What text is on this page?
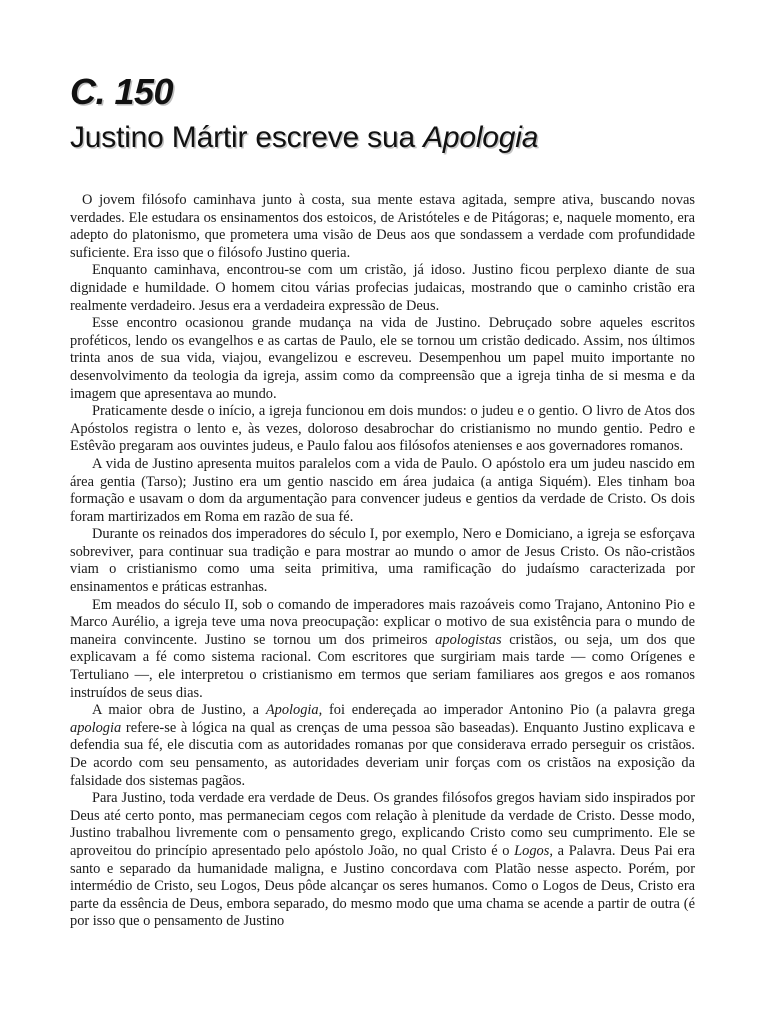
C. 150
Justino Mártir escreve sua Apologia

O jovem filósofo caminhava junto à costa, sua mente estava agitada, sempre ativa, buscando novas verdades. Ele estudara os ensinamentos dos estoicos, de Aristóteles e de Pitágoras; e, naquele momento, era adepto do platonismo, que prometera uma visão de Deus aos que sondassem a verdade com profundidade suficiente. Era isso que o filósofo Justino queria.

Enquanto caminhava, encontrou-se com um cristão, já idoso. Justino ficou perplexo diante de sua dignidade e humildade. O homem citou várias profecias judaicas, mostrando que o caminho cristão era realmente verdadeiro. Jesus era a verdadeira expressão de Deus.

Esse encontro ocasionou grande mudança na vida de Justino. Debruçado sobre aqueles escritos proféticos, lendo os evangelhos e as cartas de Paulo, ele se tornou um cristão dedicado. Assim, nos últimos trinta anos de sua vida, viajou, evangelizou e escreveu. Desempenhou um papel muito importante no desenvolvimento da teologia da igreja, assim como da compreensão que a igreja tinha de si mesma e da imagem que apresentava ao mundo.

Praticamente desde o início, a igreja funcionou em dois mundos: o judeu e o gentio. O livro de Atos dos Apóstolos registra o lento e, às vezes, doloroso desabrochar do cristianismo no mundo gentio. Pedro e Estêvão pregaram aos ouvintes judeus, e Paulo falou aos filósofos atenienses e aos governadores romanos.

A vida de Justino apresenta muitos paralelos com a vida de Paulo. O apóstolo era um judeu nascido em área gentia (Tarso); Justino era um gentio nascido em área judaica (a antiga Siquém). Eles tinham boa formação e usavam o dom da argumentação para convencer judeus e gentios da verdade de Cristo. Os dois foram martirizados em Roma em razão de sua fé.

Durante os reinados dos imperadores do século I, por exemplo, Nero e Domiciano, a igreja se esforçava sobreviver, para continuar sua tradição e para mostrar ao mundo o amor de Jesus Cristo. Os não-cristãos viam o cristianismo como uma seita primitiva, uma ramificação do judaísmo caracterizada por ensinamentos e práticas estranhas.

Em meados do século II, sob o comando de imperadores mais razoáveis como Trajano, Antonino Pio e Marco Aurélio, a igreja teve uma nova preocupação: explicar o motivo de sua existência para o mundo de maneira convincente. Justino se tornou um dos primeiros apologistas cristãos, ou seja, um dos que explicavam a fé como sistema racional. Com escritores que surgiriam mais tarde — como Orígenes e Tertuliano —, ele interpretou o cristianismo em termos que seriam familiares aos gregos e aos romanos instruídos de seus dias.

A maior obra de Justino, a Apologia, foi endereçada ao imperador Antonino Pio (a palavra grega apologia refere-se à lógica na qual as crenças de uma pessoa são baseadas). Enquanto Justino explicava e defendia sua fé, ele discutia com as autoridades romanas por que considerava errado perseguir os cristãos. De acordo com seu pensamento, as autoridades deveriam unir forças com os cristãos na exposição da falsidade dos sistemas pagãos.

Para Justino, toda verdade era verdade de Deus. Os grandes filósofos gregos haviam sido inspirados por Deus até certo ponto, mas permaneciam cegos com relação à plenitude da verdade de Cristo. Desse modo, Justino trabalhou livremente com o pensamento grego, explicando Cristo como seu cumprimento. Ele se aproveitou do princípio apresentado pelo apóstolo João, no qual Cristo é o Logos, a Palavra. Deus Pai era santo e separado da humanidade maligna, e Justino concordava com Platão nesse aspecto. Porém, por intermédio de Cristo, seu Logos, Deus pôde alcançar os seres humanos. Como o Logos de Deus, Cristo era parte da essência de Deus, embora separado, do mesmo modo que uma chama se acende a partir de outra (é por isso que o pensamento de Justino
